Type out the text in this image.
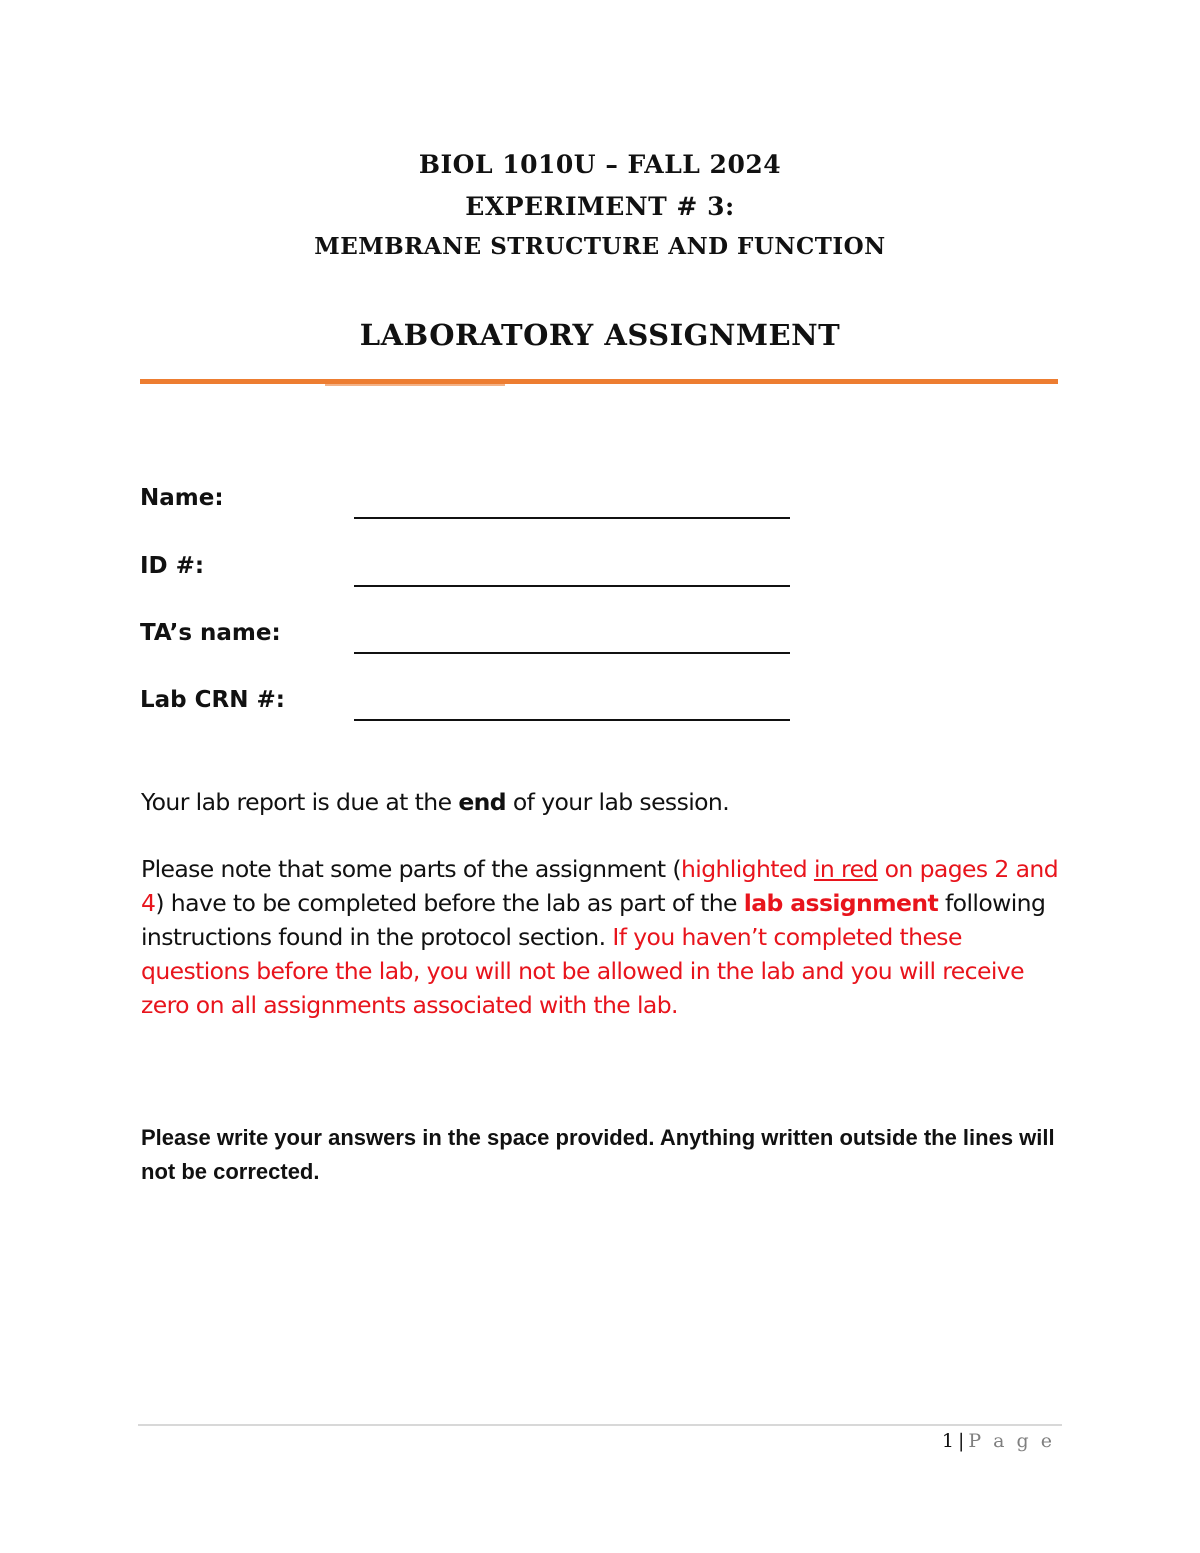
BIOL 1010U – FALL 2024
EXPERIMENT # 3:
MEMBRANE STRUCTURE AND FUNCTION
LABORATORY ASSIGNMENT
Name:
ID #:
TA’s name:
Lab CRN #:
Your lab report is due at the end of your lab session.
Please note that some parts of the assignment (highlighted in red on pages 2 and 4) have to be completed before the lab as part of the lab assignment following instructions found in the protocol section. If you haven’t completed these questions before the lab, you will not be allowed in the lab and you will receive zero on all assignments associated with the lab.
Please write your answers in the space provided. Anything written outside the lines will not be corrected.
1 | P a g e
